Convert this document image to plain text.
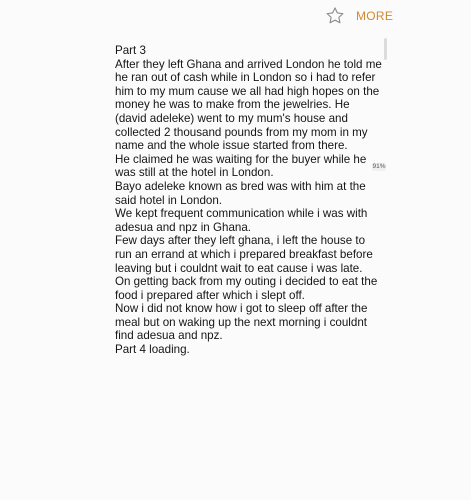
MORE
Part 3
After they left Ghana and arrived London he told me
he ran out of cash while in London so i had to refer
him to my mum cause we all had high hopes on the
money he was to make from the jewelries. He
(david adeleke) went to my mum's house and
collected 2 thousand pounds from my mom in my
name and the whole issue started from there.
He claimed he was waiting for the buyer while he
was still at the hotel in London.
Bayo adeleke known as bred was with him at the
said hotel in London.
We kept frequent communication while i was with
adesua and npz in Ghana.
Few days after they left ghana, i left the house to
run an errand at which i prepared breakfast before
leaving but i couldnt wait to eat cause i was late.
On getting back from my outing i decided to eat the
food i prepared after which i slept off.
Now i did not know how i got to sleep off after the
meal but on waking up the next morning i couldnt
find adesua and npz.
Part 4 loading.
91%
